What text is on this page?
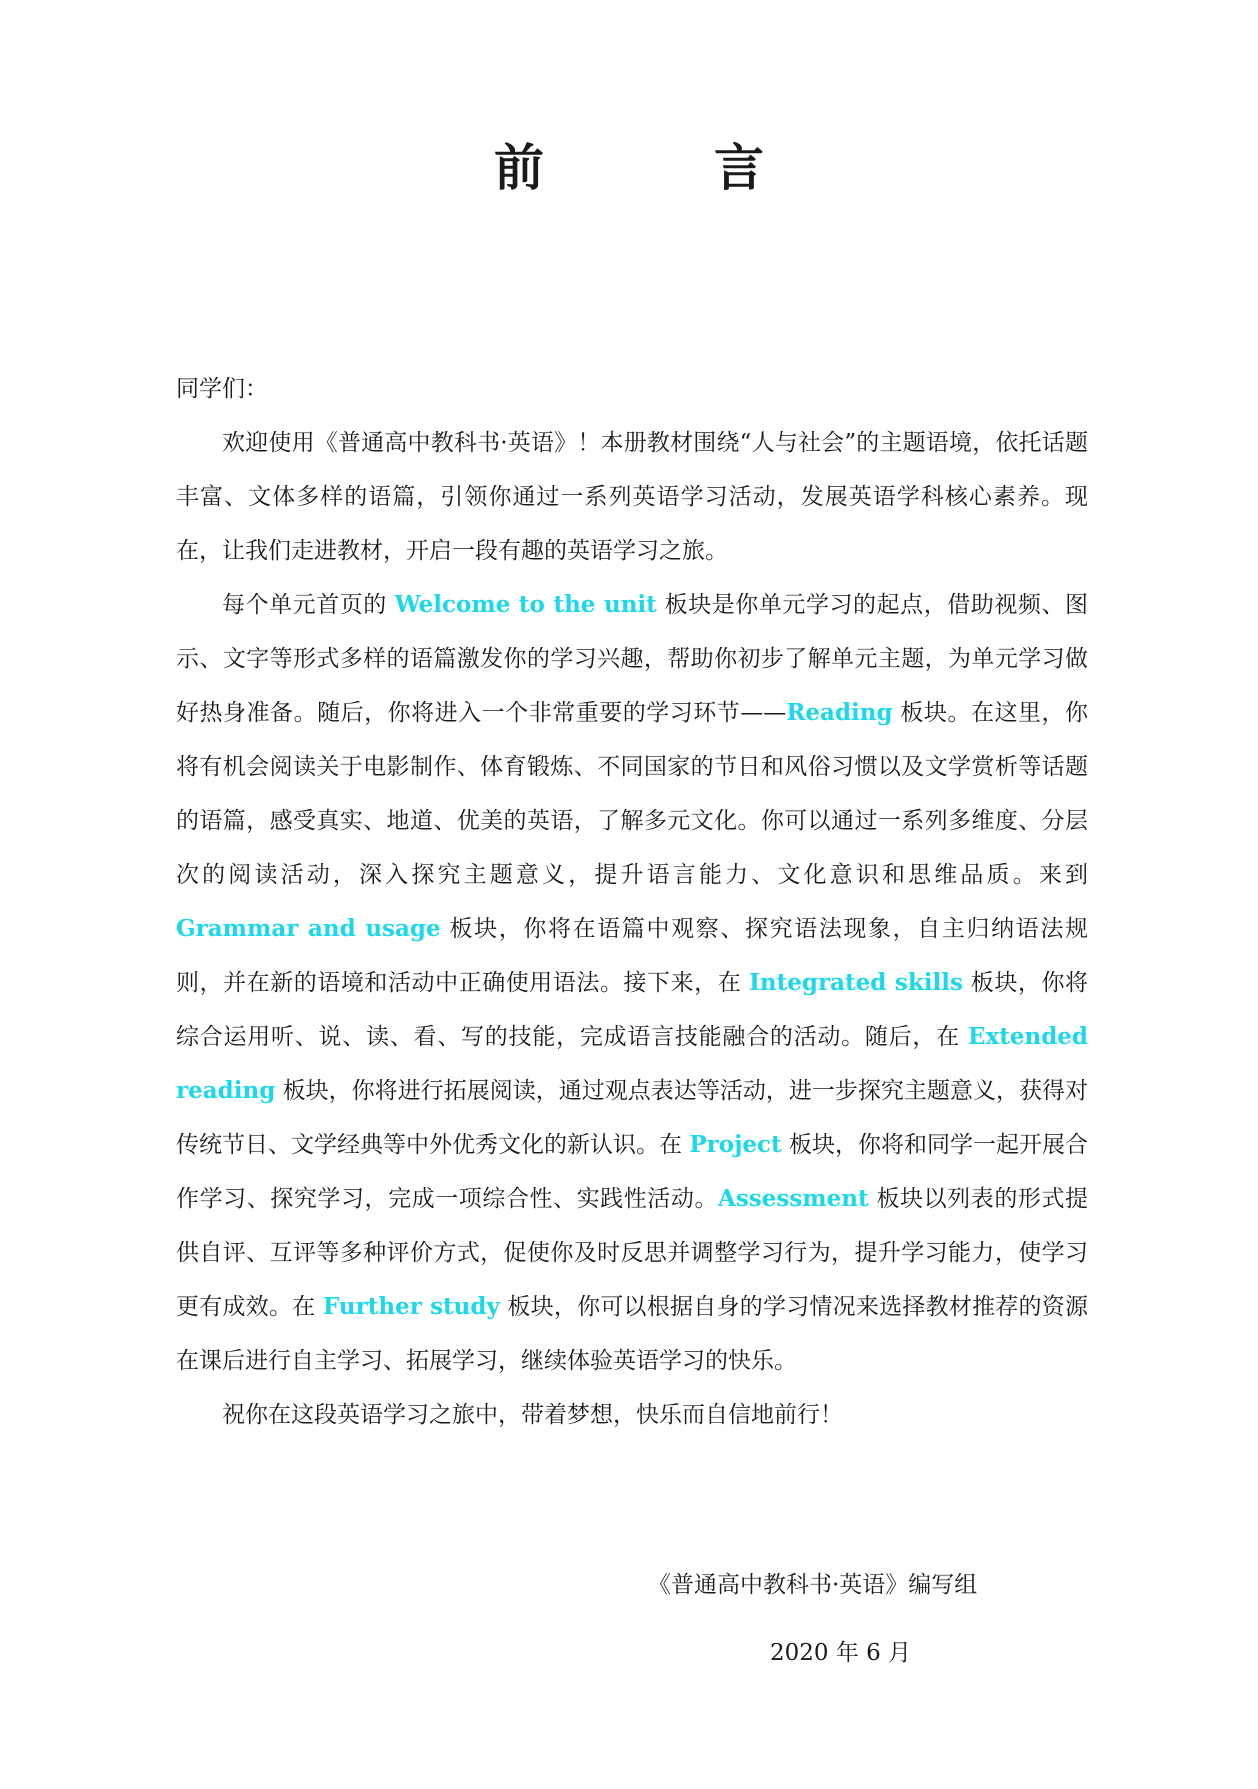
前　言

同学们：

欢迎使用《普通高中教科书·英语》！本册教材围绕“人与社会”的主题语境，依托话题丰富、文体多样的语篇，引领你通过一系列英语学习活动，发展英语学科核心素养。现在，让我们走进教材，开启一段有趣的英语学习之旅。

每个单元首页的 Welcome to the unit 板块是你单元学习的起点，借助视频、图示、文字等形式多样的语篇激发你的学习兴趣，帮助你初步了解单元主题，为单元学习做好热身准备。随后，你将进入一个非常重要的学习环节——Reading 板块。在这里，你将有机会阅读关于电影制作、体育锻炼、不同国家的节日和风俗习惯以及文学赏析等话题的语篇，感受真实、地道、优美的英语，了解多元文化。你可以通过一系列多维度、分层次的阅读活动，深入探究主题意义，提升语言能力、文化意识和思维品质。来到 Grammar and usage 板块，你将在语篇中观察、探究语法现象，自主归纳语法规则，并在新的语境和活动中正确使用语法。接下来，在 Integrated skills 板块，你将综合运用听、说、读、看、写的技能，完成语言技能融合的活动。随后，在 Extended reading 板块，你将进行拓展阅读，通过观点表达等活动，进一步探究主题意义，获得对传统节日、文学经典等中外优秀文化的新认识。在 Project 板块，你将和同学一起开展合作学习、探究学习，完成一项综合性、实践性活动。Assessment 板块以列表的形式提供自评、互评等多种评价方式，促使你及时反思并调整学习行为，提升学习能力，使学习更有成效。在 Further study 板块，你可以根据自身的学习情况来选择教材推荐的资源在课后进行自主学习、拓展学习，继续体验英语学习的快乐。

祝你在这段英语学习之旅中，带着梦想，快乐而自信地前行！

《普通高中教科书·英语》编写组
2020 年 6 月
